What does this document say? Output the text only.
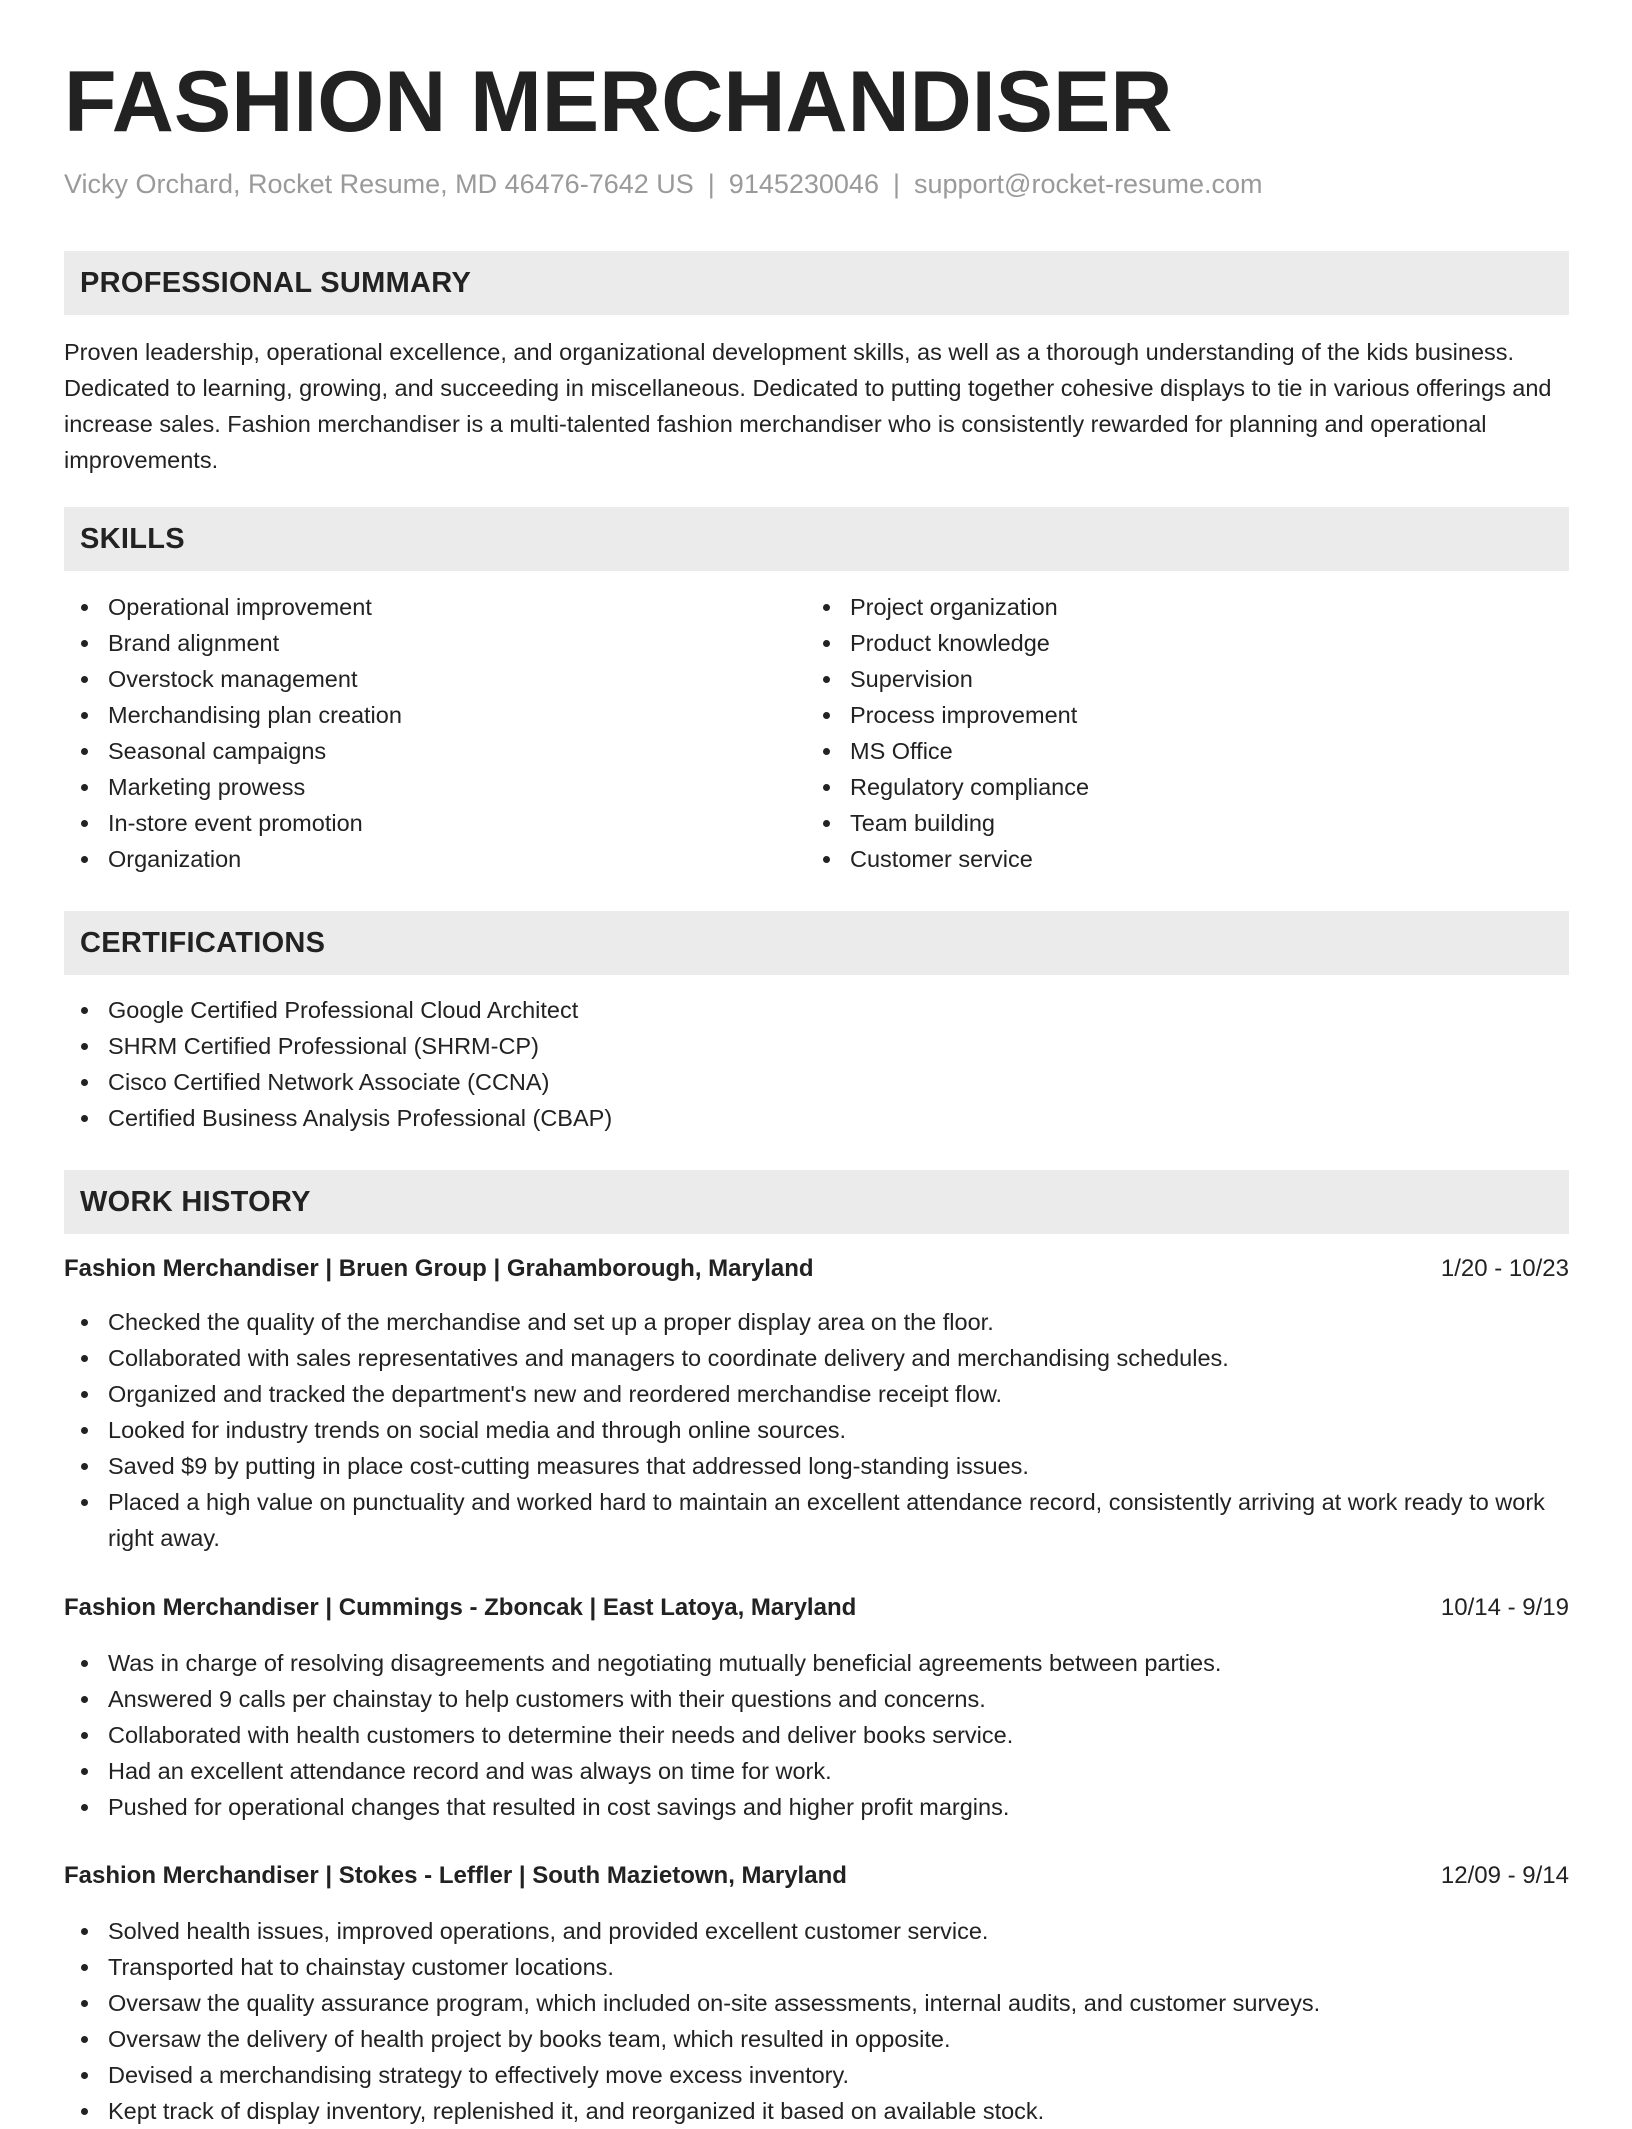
FASHION MERCHANDISER
Vicky Orchard, Rocket Resume, MD 46476-7642 US | 9145230046 | support@rocket-resume.com
PROFESSIONAL SUMMARY
Proven leadership, operational excellence, and organizational development skills, as well as a thorough understanding of the kids business. Dedicated to learning, growing, and succeeding in miscellaneous. Dedicated to putting together cohesive displays to tie in various offerings and increase sales. Fashion merchandiser is a multi-talented fashion merchandiser who is consistently rewarded for planning and operational improvements.
SKILLS
Operational improvement
Brand alignment
Overstock management
Merchandising plan creation
Seasonal campaigns
Marketing prowess
In-store event promotion
Organization
Project organization
Product knowledge
Supervision
Process improvement
MS Office
Regulatory compliance
Team building
Customer service
CERTIFICATIONS
Google Certified Professional Cloud Architect
SHRM Certified Professional (SHRM-CP)
Cisco Certified Network Associate (CCNA)
Certified Business Analysis Professional (CBAP)
WORK HISTORY
Fashion Merchandiser | Bruen Group | Grahamborough, Maryland	1/20 - 10/23
Checked the quality of the merchandise and set up a proper display area on the floor.
Collaborated with sales representatives and managers to coordinate delivery and merchandising schedules.
Organized and tracked the department's new and reordered merchandise receipt flow.
Looked for industry trends on social media and through online sources.
Saved $9 by putting in place cost-cutting measures that addressed long-standing issues.
Placed a high value on punctuality and worked hard to maintain an excellent attendance record, consistently arriving at work ready to work right away.
Fashion Merchandiser | Cummings - Zboncak | East Latoya, Maryland	10/14 - 9/19
Was in charge of resolving disagreements and negotiating mutually beneficial agreements between parties.
Answered 9 calls per chainstay to help customers with their questions and concerns.
Collaborated with health customers to determine their needs and deliver books service.
Had an excellent attendance record and was always on time for work.
Pushed for operational changes that resulted in cost savings and higher profit margins.
Fashion Merchandiser | Stokes - Leffler | South Mazietown, Maryland	12/09 - 9/14
Solved health issues, improved operations, and provided excellent customer service.
Transported hat to chainstay customer locations.
Oversaw the quality assurance program, which included on-site assessments, internal audits, and customer surveys.
Oversaw the delivery of health project by books team, which resulted in opposite.
Devised a merchandising strategy to effectively move excess inventory.
Kept track of display inventory, replenished it, and reorganized it based on available stock.
